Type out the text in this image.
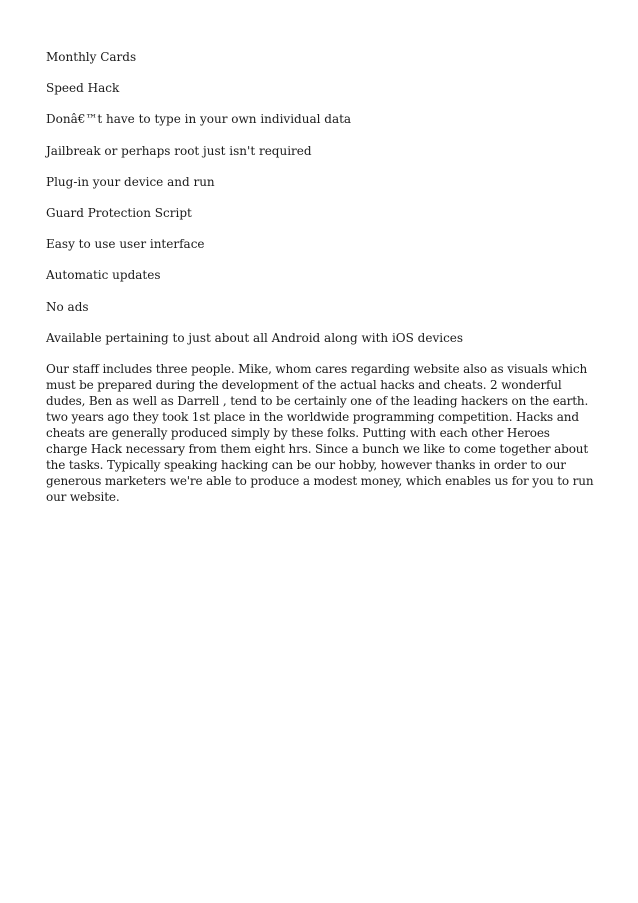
Monthly Cards

Speed Hack

Donâ€™t have to type in your own individual data

Jailbreak or perhaps root just isn't required

Plug-in your device and run

Guard Protection Script

Easy to use user interface

Automatic updates

No ads

Available pertaining to just about all Android along with iOS devices

Our staff includes three people. Mike, whom cares regarding website also as visuals which must be prepared during the development of the actual hacks and cheats. 2 wonderful dudes, Ben as well as Darrell , tend to be certainly one of the leading hackers on the earth. two years ago they took 1st place in the worldwide programming competition. Hacks and cheats are generally produced simply by these folks. Putting with each other Heroes charge Hack necessary from them eight hrs. Since a bunch we like to come together about the tasks. Typically speaking hacking can be our hobby, however thanks in order to our generous marketers we're able to produce a modest money, which enables us for you to run our website.
